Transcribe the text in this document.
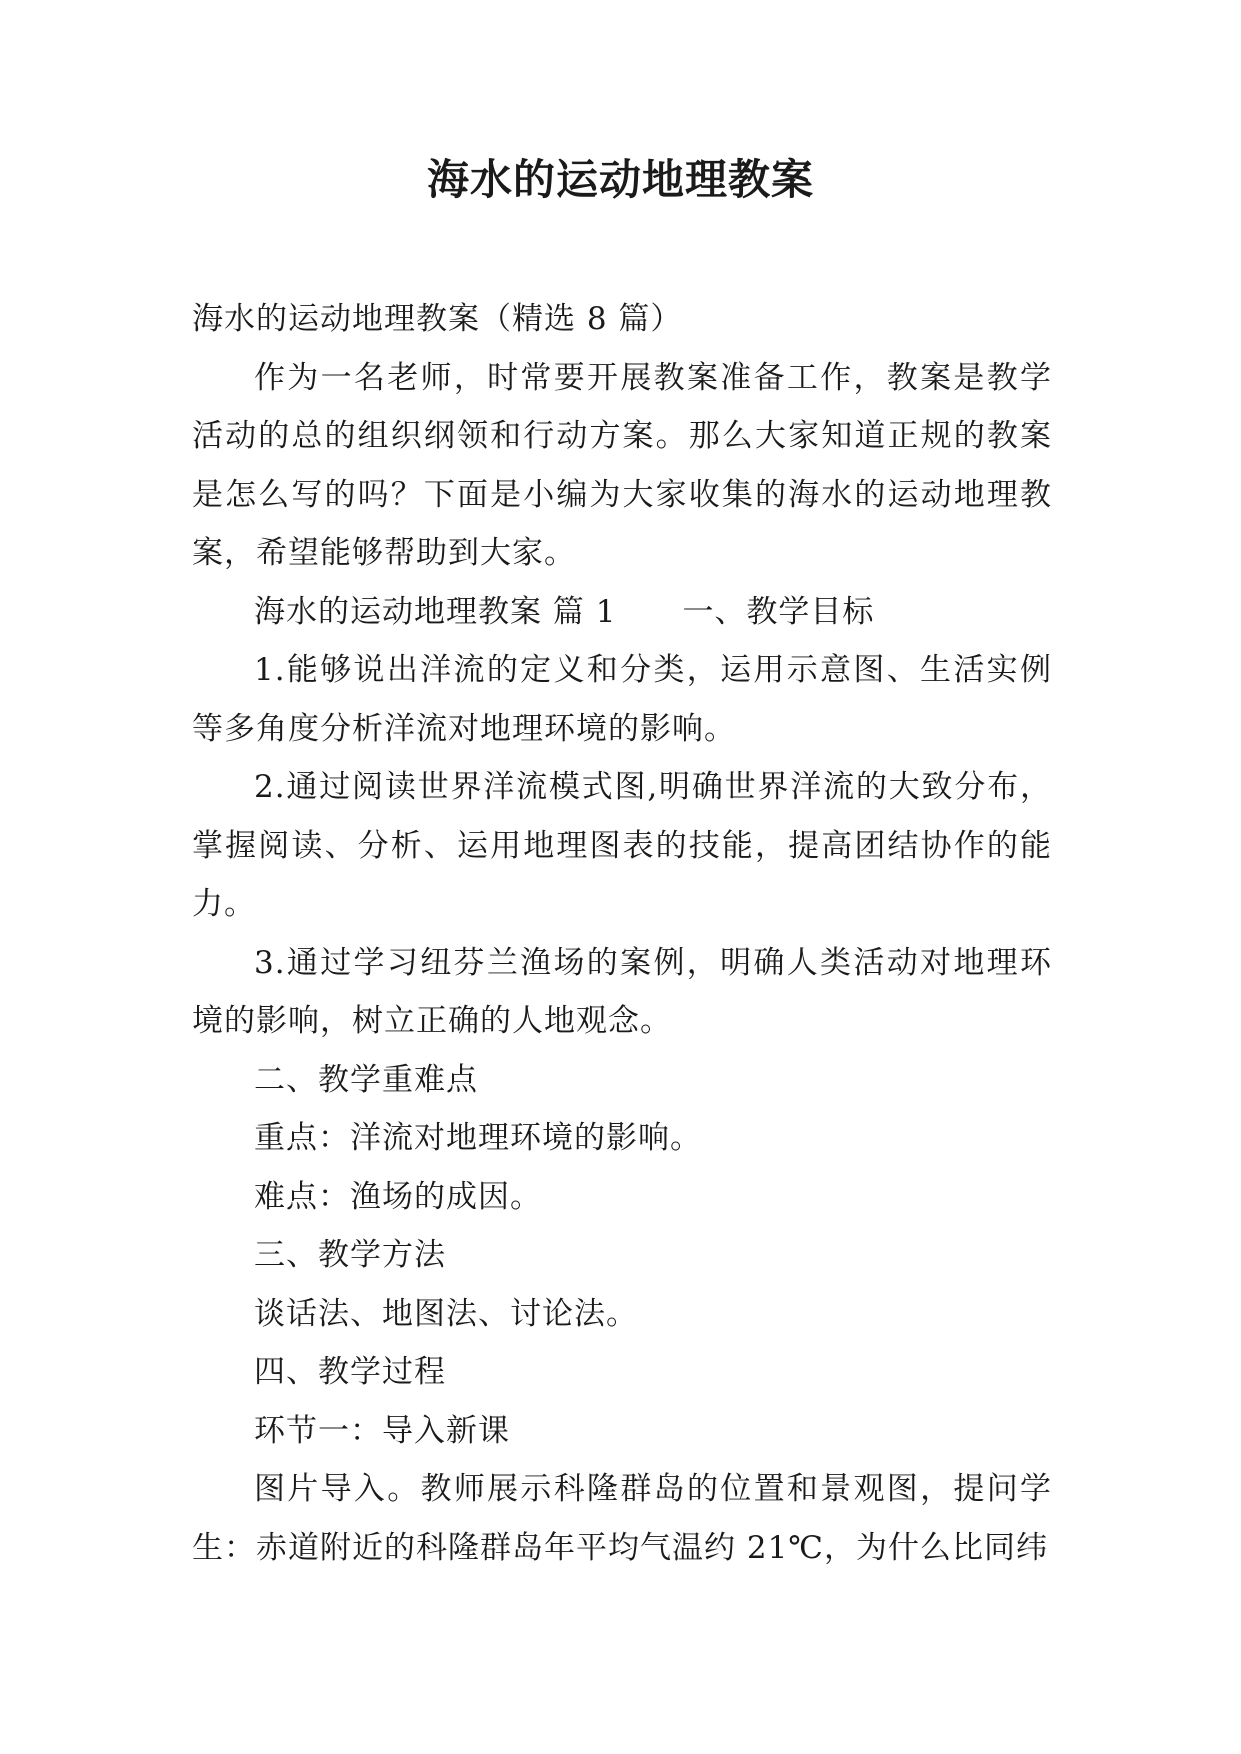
海水的运动地理教案

海水的运动地理教案（精选 8 篇）

作为一名老师，时常要开展教案准备工作，教案是教学活动的总的组织纲领和行动方案。那么大家知道正规的教案是怎么写的吗？下面是小编为大家收集的海水的运动地理教案，希望能够帮助到大家。

海水的运动地理教案 篇 1 一、教学目标

1.能够说出洋流的定义和分类，运用示意图、生活实例等多角度分析洋流对地理环境的影响。

2.通过阅读世界洋流模式图,明确世界洋流的大致分布，掌握阅读、分析、运用地理图表的技能，提高团结协作的能力。

3.通过学习纽芬兰渔场的案例，明确人类活动对地理环境的影响，树立正确的人地观念。

二、教学重难点

重点：洋流对地理环境的影响。

难点：渔场的成因。

三、教学方法

谈话法、地图法、讨论法。

四、教学过程

环节一：导入新课

图片导入。教师展示科隆群岛的位置和景观图，提问学生：赤道附近的科隆群岛年平均气温约 21℃，为什么比同纬
